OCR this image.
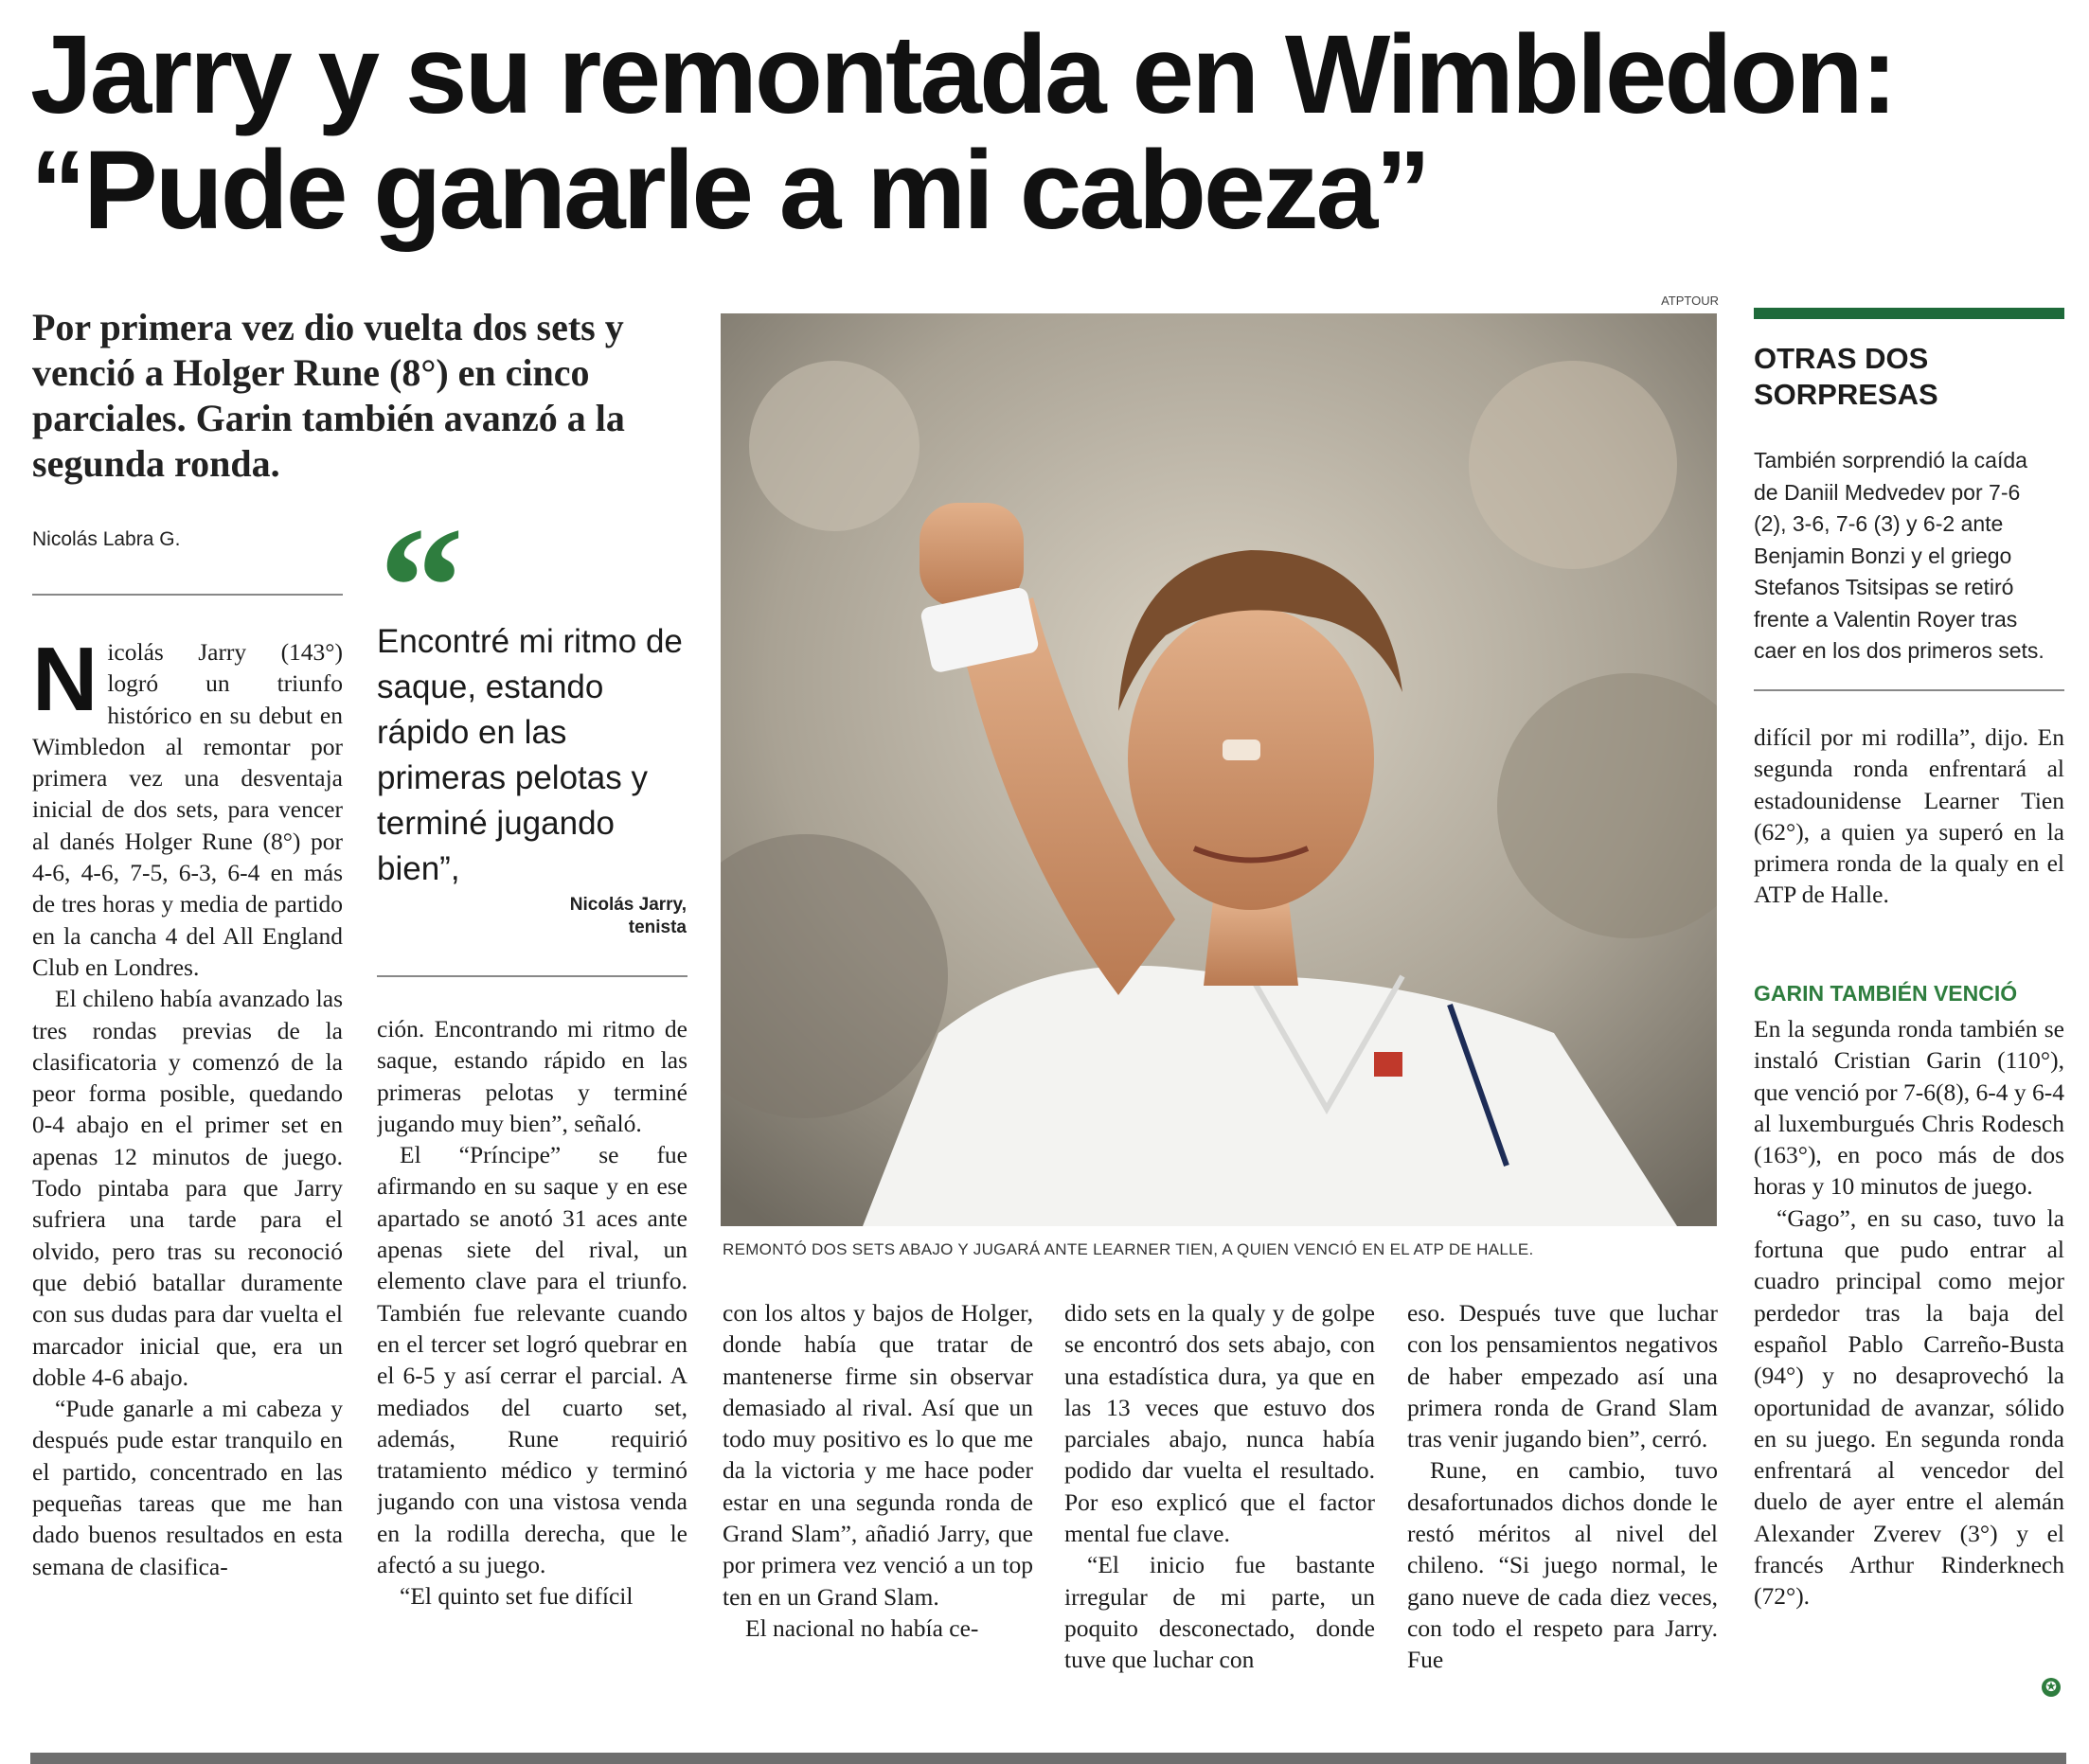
Jarry y su remontada en Wimbledon:
“Pude ganarle a mi cabeza”
Por primera vez dio vuelta dos sets y venció a Holger Rune (8°) en cinco parciales. Garin también avanzó a la segunda ronda.
Nicolás Labra G.
N icolás Jarry (143°) logró un triunfo histórico en su debut en Wimbledon al remontar por primera vez una desventaja inicial de dos sets, para vencer al danés Holger Rune (8°) por 4-6, 4-6, 7-5, 6-3, 6-4 en más de tres horas y media de partido en la cancha 4 del All England Club en Londres.

El chileno había avanzado las tres rondas previas de la clasificatoria y comenzó de la peor forma posible, quedando 0-4 abajo en el primer set en apenas 12 minutos de juego. Todo pintaba para que Jarry sufriera una tarde para el olvido, pero tras su reconoció que debió batallar duramente con sus dudas para dar vuelta el marcador inicial que, era un doble 4-6 abajo.

“Pude ganarle a mi cabeza y después pude estar tranquilo en el partido, concentrado en las pequeñas tareas que me han dado buenos resultados en esta semana de clasifica-

“
Encontré mi ritmo de saque, estando rápido en las primeras pelotas y terminé jugando bien”,
Nicolás Jarry,
tenista

ción. Encontrando mi ritmo de saque, estando rápido en las primeras pelotas y terminé jugando muy bien”, señaló.

El “Príncipe” se fue afirmando en su saque y en ese apartado se anotó 31 aces ante apenas siete del rival, un elemento clave para el triunfo. También fue relevante cuando en el tercer set logró quebrar en el 6-5 y así cerrar el parcial. A mediados del cuarto set, además, Rune requirió tratamiento médico y terminó jugando con una vistosa venda en la rodilla derecha, que le afectó a su juego.

“El quinto set fue difícil

ATPTOUR
REMONTÓ DOS SETS ABAJO Y JUGARÁ ANTE LEARNER TIEN, A QUIEN VENCIÓ EN EL ATP DE HALLE.

con los altos y bajos de Holger, donde había que tratar de mantenerse firme sin observar demasiado al rival. Así que un todo muy positivo es lo que me da la victoria y me hace poder estar en una segunda ronda de Grand Slam”, añadió Jarry, que por primera vez venció a un top ten en un Grand Slam.

El nacional no había ce-

dido sets en la qualy y de golpe se encontró dos sets abajo, con una estadística dura, ya que en las 13 veces que estuvo dos parciales abajo, nunca había podido dar vuelta el resultado. Por eso explicó que el factor mental fue clave.

“El inicio fue bastante irregular de mi parte, un poquito desconectado, donde tuve que luchar con

eso. Después tuve que luchar con los pensamientos negativos de haber empezado así una primera ronda de Grand Slam tras venir jugando bien”, cerró.

Rune, en cambio, tuvo desafortunados dichos donde le restó méritos al nivel del chileno. “Si juego normal, le gano nueve de cada diez veces, con todo el respeto para Jarry. Fue

OTRAS DOS
SORPRESAS
También sorprendió la caída de Daniil Medvedev por 7-6 (2), 3-6, 7-6 (3) y 6-2 ante Benjamin Bonzi y el griego Stefanos Tsitsipas se retiró frente a Valentin Royer tras caer en los dos primeros sets.

difícil por mi rodilla”, dijo. En segunda ronda enfrentará al estadounidense Learner Tien (62°), a quien ya superó en la primera ronda de la qualy en el ATP de Halle.

GARIN TAMBIÉN VENCIÓ

En la segunda ronda también se instaló Cristian Garin (110°), que venció por 7-6(8), 6-4 y 6-4 al luxemburgués Chris Rodesch (163°), en poco más de dos horas y 10 minutos de juego.

“Gago”, en su caso, tuvo la fortuna que pudo entrar al cuadro principal como mejor perdedor tras la baja del español Pablo Carreño-Busta (94°) y no desaprovechó la oportunidad de avanzar, sólido en su juego. En segunda ronda enfrentará al vencedor del duelo de ayer entre el alemán Alexander Zverev (3°) y el francés Arthur Rinderknech (72°).

✪
